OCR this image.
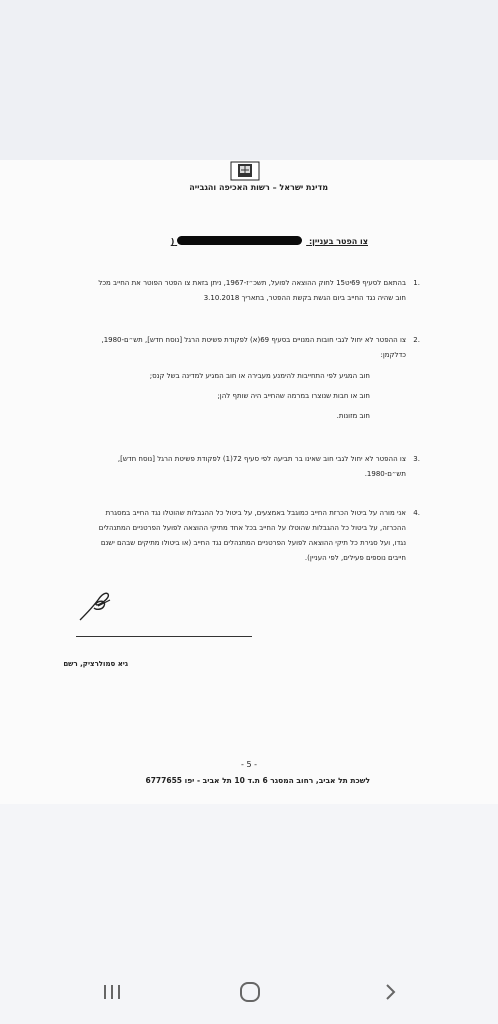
מדינת ישראל – רשות האכיפה והגבייה
צו הפטר בעניין:  (
.1

בהתאם לסעיף 69יט15 לחוק ההוצאה לפועל, תשכ״ז-1967, ניתן בזאת צו הפטר הפוטר את החייב מכל חוב שהיה נגד החייב ביום הגשת בקשת ההפטר, בתאריך 3.10.2018

.2

צו ההפטר לא יחול לגבי חובות המנויים בסעיף 69(א) לפקודת פשיטת הרגל [נוסח חדש], תש״ם-1980, כדלקמן:

חוב המגיע לפי התחייבות להימנע מעבירה או חוב המגיע למדינה בשל קנס;
חוב או חבות שנוצרו במרמה שהחייב היה שותף להן;
חוב מזונות.
.3

צו ההפטר לא יחול לגבי חוב שאינו בר תביעה לפי סעיף 72(1) לפקודת פשיטת הרגל [נוסח חדש], תש״ם-1980.

.4

אני מורה על ביטול הכרזת החייב כמוגבל באמצעים, על ביטול כל ההגבלות שהוטלו נגד החייב במסגרת ההכרזה, על ביטול כל ההגבלות שהוטלו על החייב בכל אחד מתיקי ההוצאה לפועל הפרטניים המתנהלים נגדו, ועל סגירת כל תיקי ההוצאה לפועל הפרטניים המתנהלים נגד החייב (או ביטולו מתיקים שבהם ישנם חייבים נוספים פעילים, לפי העניין).

גיא סמולרציק, רשם
- 5 -
לשכת תל אביב, רחוב המסגר 6 ת.ד 10 תל אביב - יפו 6777655
